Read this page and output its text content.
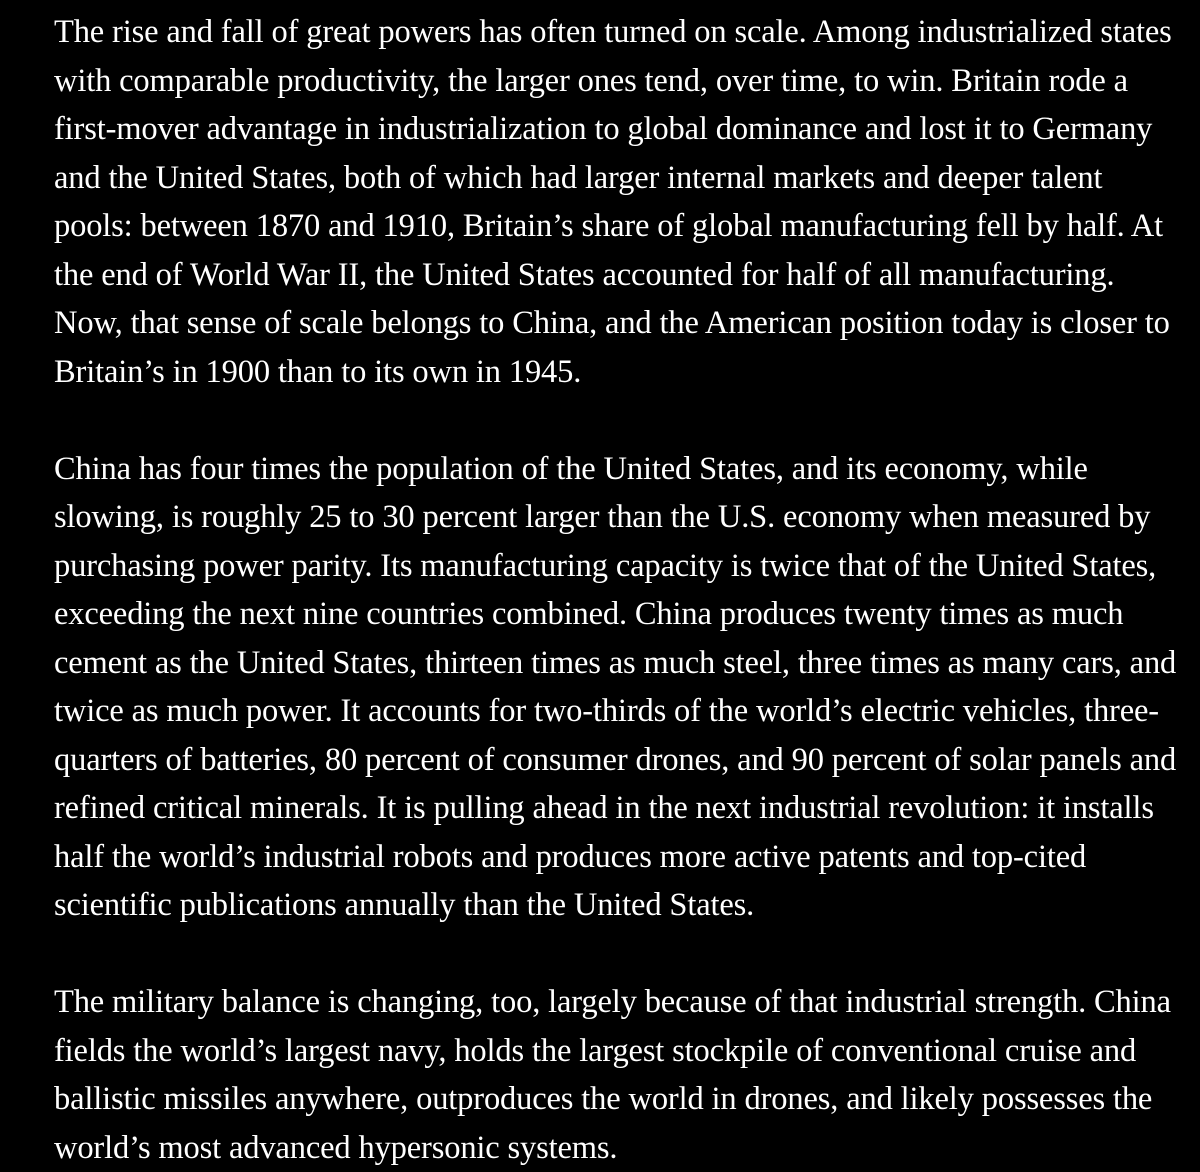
The rise and fall of great powers has often turned on scale. Among industrialized states
with comparable productivity, the larger ones tend, over time, to win. Britain rode a
first-mover advantage in industrialization to global dominance and lost it to Germany
and the United States, both of which had larger internal markets and deeper talent
pools: between 1870 and 1910, Britain’s share of global manufacturing fell by half. At
the end of World War II, the United States accounted for half of all manufacturing.
Now, that sense of scale belongs to China, and the American position today is closer to
Britain’s in 1900 than to its own in 1945.

China has four times the population of the United States, and its economy, while
slowing, is roughly 25 to 30 percent larger than the U.S. economy when measured by
purchasing power parity. Its manufacturing capacity is twice that of the United States,
exceeding the next nine countries combined. China produces twenty times as much
cement as the United States, thirteen times as much steel, three times as many cars, and
twice as much power. It accounts for two-thirds of the world’s electric vehicles, three-
quarters of batteries, 80 percent of consumer drones, and 90 percent of solar panels and
refined critical minerals. It is pulling ahead in the next industrial revolution: it installs
half the world’s industrial robots and produces more active patents and top-cited
scientific publications annually than the United States.

The military balance is changing, too, largely because of that industrial strength. China
fields the world’s largest navy, holds the largest stockpile of conventional cruise and
ballistic missiles anywhere, outproduces the world in drones, and likely possesses the
world’s most advanced hypersonic systems.
